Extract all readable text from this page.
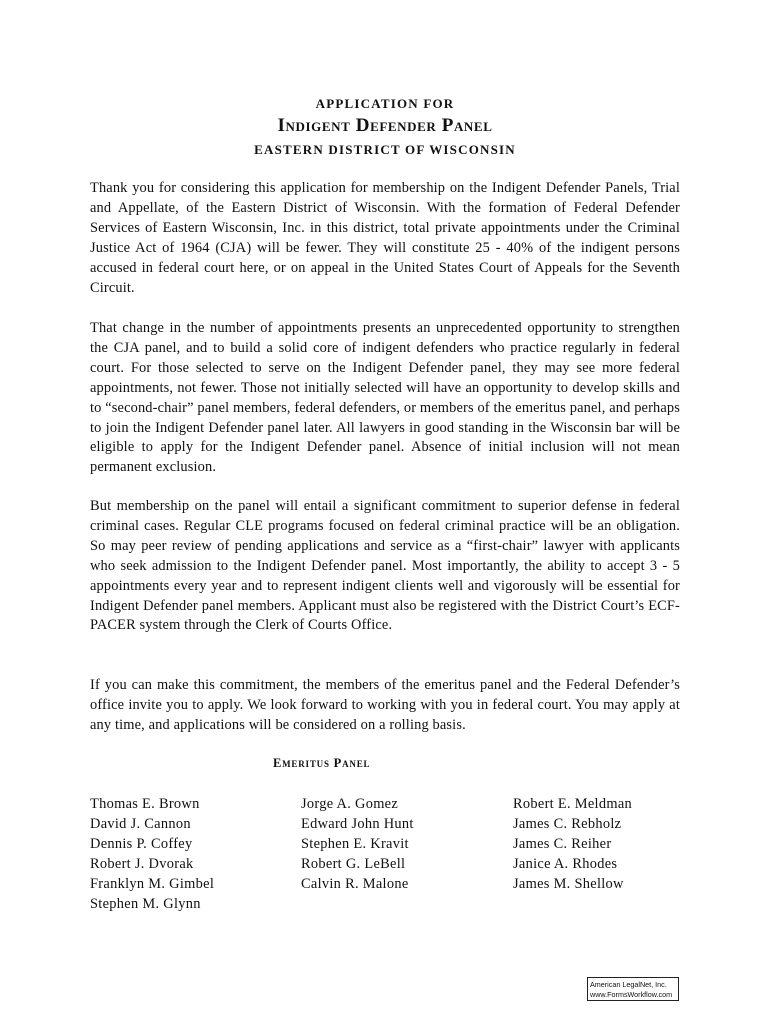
APPLICATION FOR
Indigent Defender Panel
EASTERN DISTRICT OF WISCONSIN

Thank you for considering this application for membership on the Indigent Defender Panels, Trial and Appellate, of the Eastern District of Wisconsin. With the formation of Federal Defender Services of Eastern Wisconsin, Inc. in this district, total private appointments under the Criminal Justice Act of 1964 (CJA) will be fewer. They will constitute 25 - 40% of the indigent persons accused in federal court here, or on appeal in the United States Court of Appeals for the Seventh Circuit.

That change in the number of appointments presents an unprecedented opportunity to strengthen the CJA panel, and to build a solid core of indigent defenders who practice regularly in federal court. For those selected to serve on the Indigent Defender panel, they may see more federal appointments, not fewer. Those not initially selected will have an opportunity to develop skills and to “second-chair” panel members, federal defenders, or members of the emeritus panel, and perhaps to join the Indigent Defender panel later. All lawyers in good standing in the Wisconsin bar will be eligible to apply for the Indigent Defender panel. Absence of initial inclusion will not mean permanent exclusion.

But membership on the panel will entail a significant commitment to superior defense in federal criminal cases. Regular CLE programs focused on federal criminal practice will be an obligation. So may peer review of pending applications and service as a “first-chair” lawyer with applicants who seek admission to the Indigent Defender panel. Most importantly, the ability to accept 3 - 5 appointments every year and to represent indigent clients well and vigorously will be essential for Indigent Defender panel members. Applicant must also be registered with the District Court’s ECF-PACER system through the Clerk of Courts Office.

If you can make this commitment, the members of the emeritus panel and the Federal Defender’s office invite you to apply. We look forward to working with you in federal court. You may apply at any time, and applications will be considered on a rolling basis.

Emeritus Panel
Thomas E. Brown
David J. Cannon
Dennis P. Coffey
Robert J. Dvorak
Franklyn M. Gimbel
Stephen M. Glynn
Jorge A. Gomez
Edward John Hunt
Stephen E. Kravit
Robert G. LeBell
Calvin R. Malone
Robert E. Meldman
James C. Rebholz
James C. Reiher
Janice A. Rhodes
James M. Shellow
American LegalNet, Inc.
www.FormsWorkflow.com
